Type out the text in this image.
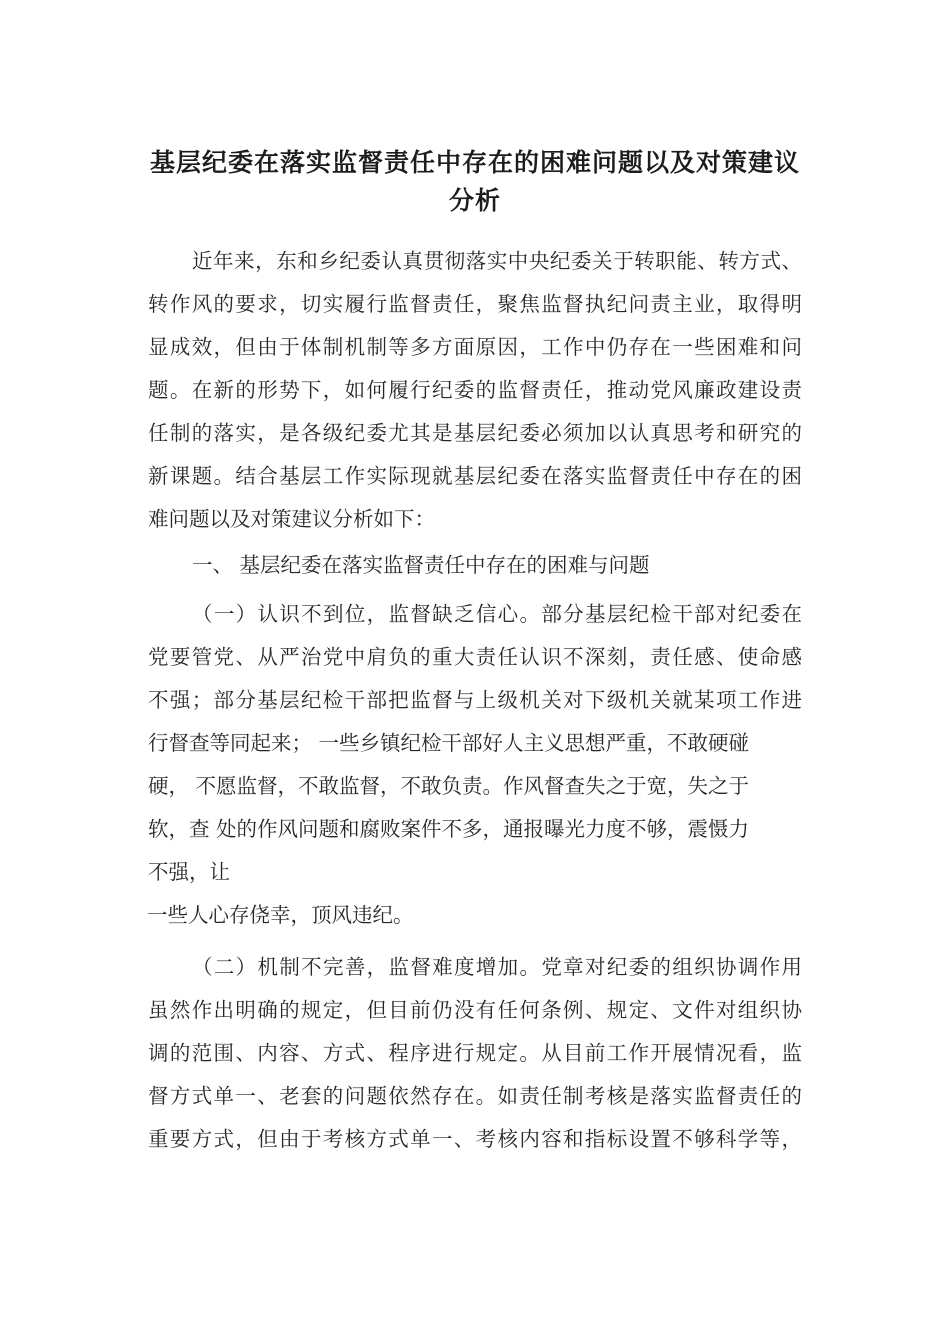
基层纪委在落实监督责任中存在的困难问题以及对策建议
分析

近年来，东和乡纪委认真贯彻落实中央纪委关于转职能、转方式、

转作风的要求，切实履行监督责任，聚焦监督执纪问责主业，取得明

显成效，但由于体制机制等多方面原因，工作中仍存在一些困难和问

题。在新的形势下，如何履行纪委的监督责任，推动党风廉政建设责

任制的落实，是各级纪委尤其是基层纪委必须加以认真思考和研究的

新课题。结合基层工作实际现就基层纪委在落实监督责任中存在的困

难问题以及对策建议分析如下：

一、 基层纪委在落实监督责任中存在的困难与问题

（一）认识不到位，监督缺乏信心。部分基层纪检干部对纪委在

党要管党、从严治党中肩负的重大责任认识不深刻，责任感、使命感

不强；部分基层纪检干部把监督与上级机关对下级机关就某项工作进

行督查等同起来； 一些乡镇纪检干部好人主义思想严重，不敢硬碰

硬， 不愿监督，不敢监督，不敢负责。作风督查失之于宽，失之于

软，查 处的作风问题和腐败案件不多，通报曝光力度不够，震慑力

不强，让

一些人心存侥幸，顶风违纪。

（二）机制不完善，监督难度增加。党章对纪委的组织协调作用

虽然作出明确的规定，但目前仍没有任何条例、规定、文件对组织协

调的范围、内容、方式、程序进行规定。从目前工作开展情况看，监

督方式单一、老套的问题依然存在。如责任制考核是落实监督责任的

重要方式，但由于考核方式单一、考核内容和指标设置不够科学等，
